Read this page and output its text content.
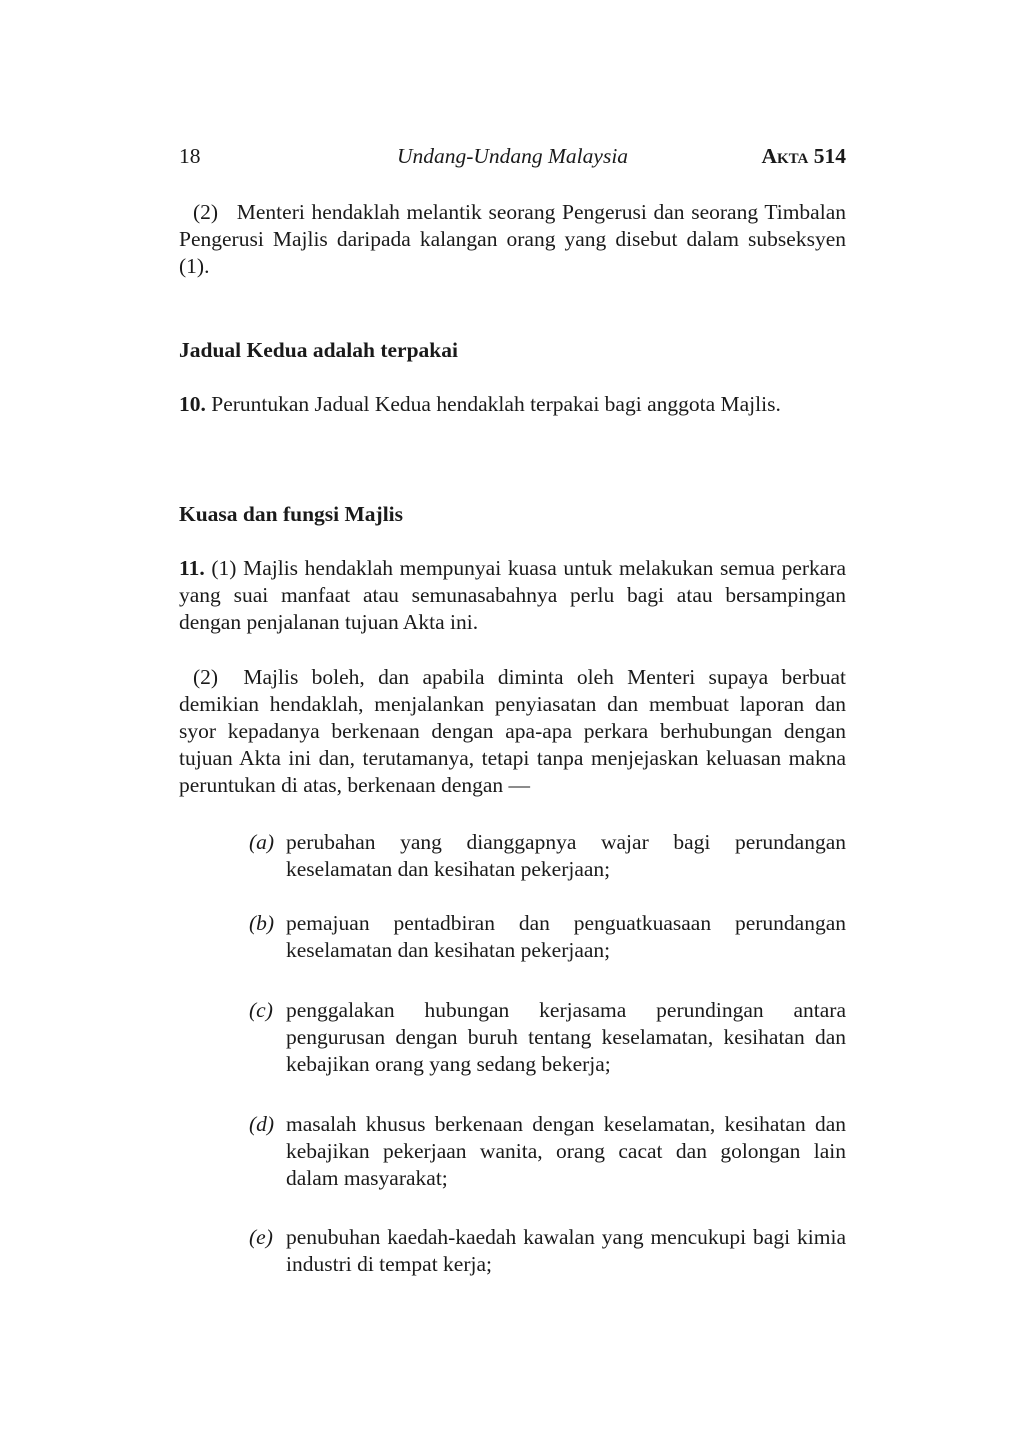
18	Undang-Undang Malaysia	Akta 514

(2) Menteri hendaklah melantik seorang Pengerusi dan seorang Timbalan Pengerusi Majlis daripada kalangan orang yang disebut dalam subseksyen (1).

Jadual Kedua adalah terpakai

10. Peruntukan Jadual Kedua hendaklah terpakai bagi anggota Majlis.

Kuasa dan fungsi Majlis

11. (1) Majlis hendaklah mempunyai kuasa untuk melakukan semua perkara yang suai manfaat atau semunasabahnya perlu bagi atau bersampingan dengan penjalanan tujuan Akta ini.

(2) Majlis boleh, dan apabila diminta oleh Menteri supaya berbuat demikian hendaklah, menjalankan penyiasatan dan membuat laporan dan syor kepadanya berkenaan dengan apa-apa perkara berhubungan dengan tujuan Akta ini dan, terutamanya, tetapi tanpa menjejaskan keluasan makna peruntukan di atas, berkenaan dengan —

(a) perubahan yang dianggapnya wajar bagi perundangan keselamatan dan kesihatan pekerjaan;
(b) pemajuan pentadbiran dan penguatkuasaan perundangan keselamatan dan kesihatan pekerjaan;
(c) penggalakan hubungan kerjasama perundingan antara pengurusan dengan buruh tentang keselamatan, kesihatan dan kebajikan orang yang sedang bekerja;
(d) masalah khusus berkenaan dengan keselamatan, kesihatan dan kebajikan pekerjaan wanita, orang cacat dan golongan lain dalam masyarakat;
(e) penubuhan kaedah-kaedah kawalan yang mencukupi bagi kimia industri di tempat kerja;
